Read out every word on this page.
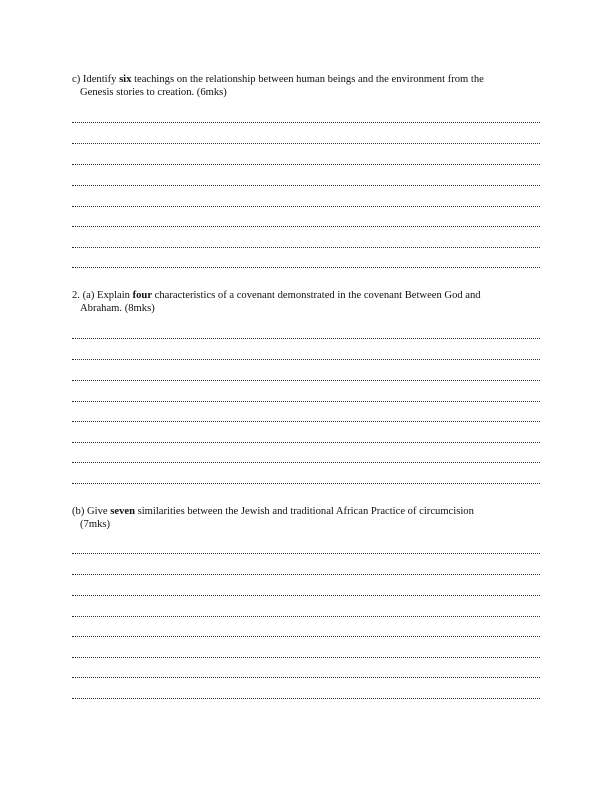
c) Identify six teachings on the relationship between human beings and the environment from the
Genesis stories to creation. (6mks)
2. (a) Explain four characteristics of a covenant demonstrated in the covenant Between God and
Abraham. (8mks)
(b) Give seven similarities between the Jewish and traditional African Practice of circumcision
(7mks)
